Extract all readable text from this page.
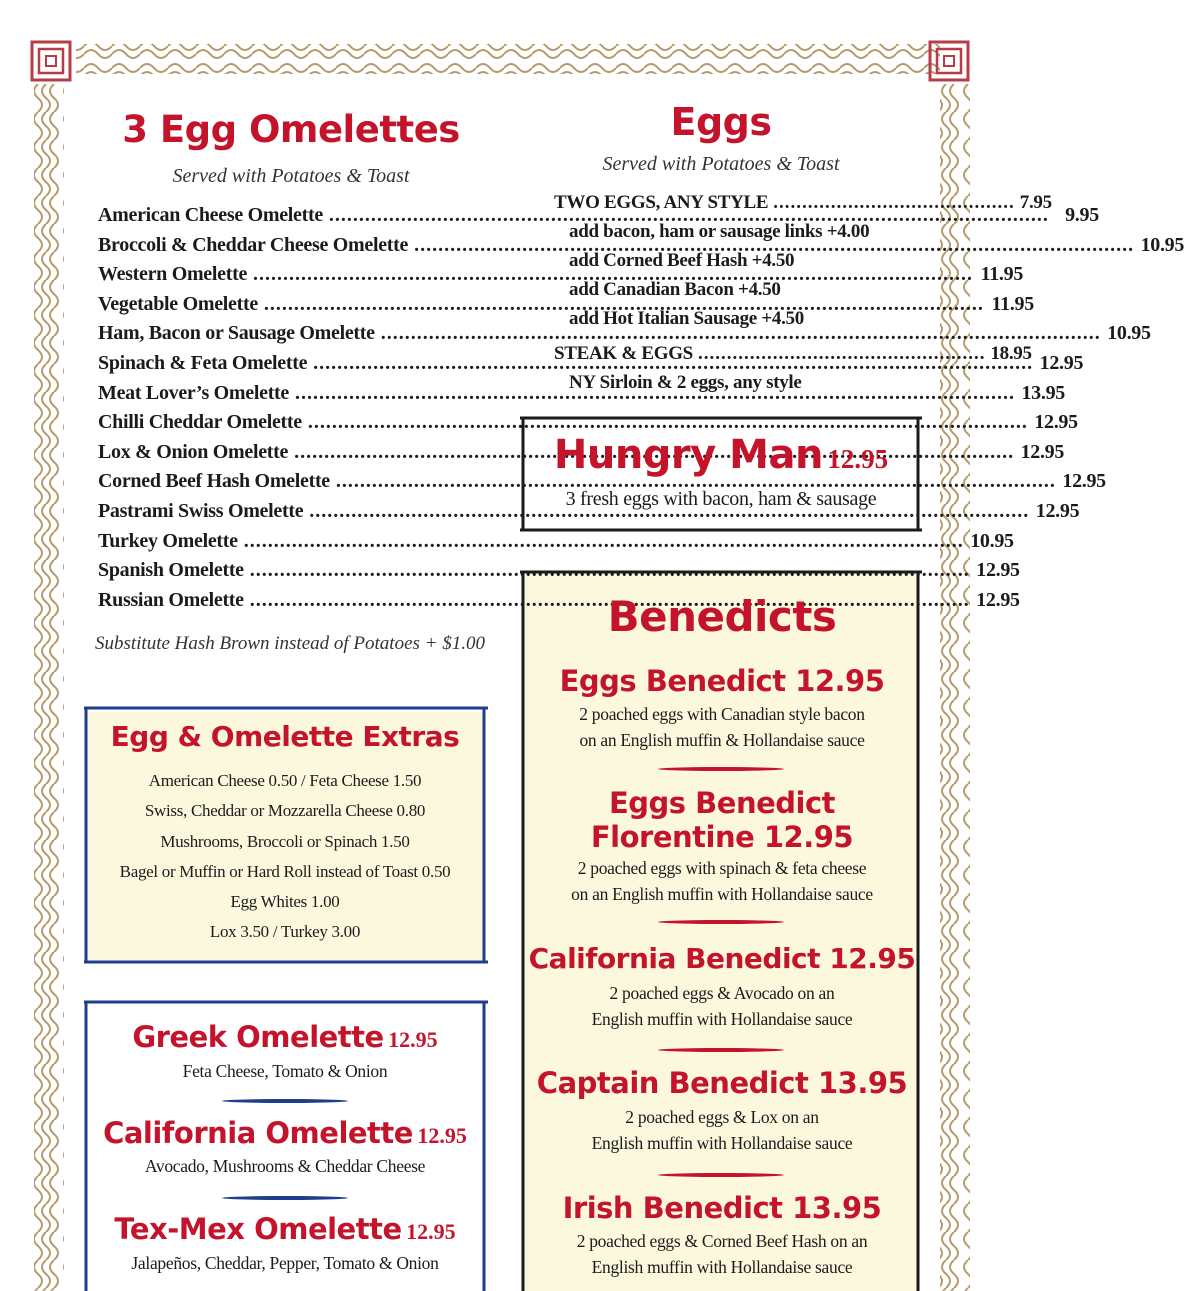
3 Egg Omelettes
Served with Potatoes & Toast
American Cheese Omelette .....	9.95
Broccoli & Cheddar Cheese Omelette .....	10.95
Western Omelette .....	11.95
Vegetable Omelette .....	11.95
Ham, Bacon or Sausage Omelette .....	10.95
Spinach & Feta Omelette .....	12.95
Meat Lover’s Omelette .....	13.95
Chilli Cheddar Omelette .....	12.95
Lox & Onion Omelette .....	12.95
Corned Beef Hash Omelette .....	12.95
Pastrami Swiss Omelette .....	12.95
Turkey Omelette .....	10.95
Spanish Omelette .....	12.95
Russian Omelette .....	12.95
Substitute Hash Brown instead of Potatoes + $1.00
Egg & Omelette Extras
American Cheese 0.50 / Feta Cheese 1.50
Swiss, Cheddar or Mozzarella Cheese 0.80
Mushrooms, Broccoli or Spinach 1.50
Bagel or Muffin or Hard Roll instead of Toast 0.50
Egg Whites 1.00
Lox 3.50 / Turkey 3.00
Greek Omelette 12.95
Feta Cheese, Tomato & Onion
California Omelette 12.95
Avocado, Mushrooms & Cheddar Cheese
Tex-Mex Omelette 12.95
Jalapeños, Cheddar, Pepper, Tomato & Onion
Eggs
Served with Potatoes & Toast
TWO EGGS, ANY STYLE .......................................... 7.95
add bacon, ham or sausage links +4.00
add Corned Beef Hash +4.50
add Canadian Bacon +4.50
add Hot Italian Sausage +4.50
STEAK & EGGS .................................................. 18.95
NY Sirloin & 2 eggs, any style
Hungry Man 12.95
3 fresh eggs with bacon, ham & sausage
Benedicts
Eggs Benedict 12.95
2 poached eggs with Canadian style bacon
on an English muffin & Hollandaise sauce
Eggs Benedict
Florentine 12.95
2 poached eggs with spinach & feta cheese
on an English muffin with Hollandaise sauce
California Benedict 12.95
2 poached eggs & Avocado on an
English muffin with Hollandaise sauce
Captain Benedict 13.95
2 poached eggs & Lox on an
English muffin with Hollandaise sauce
Irish Benedict 13.95
2 poached eggs & Corned Beef Hash on an
English muffin with Hollandaise sauce
